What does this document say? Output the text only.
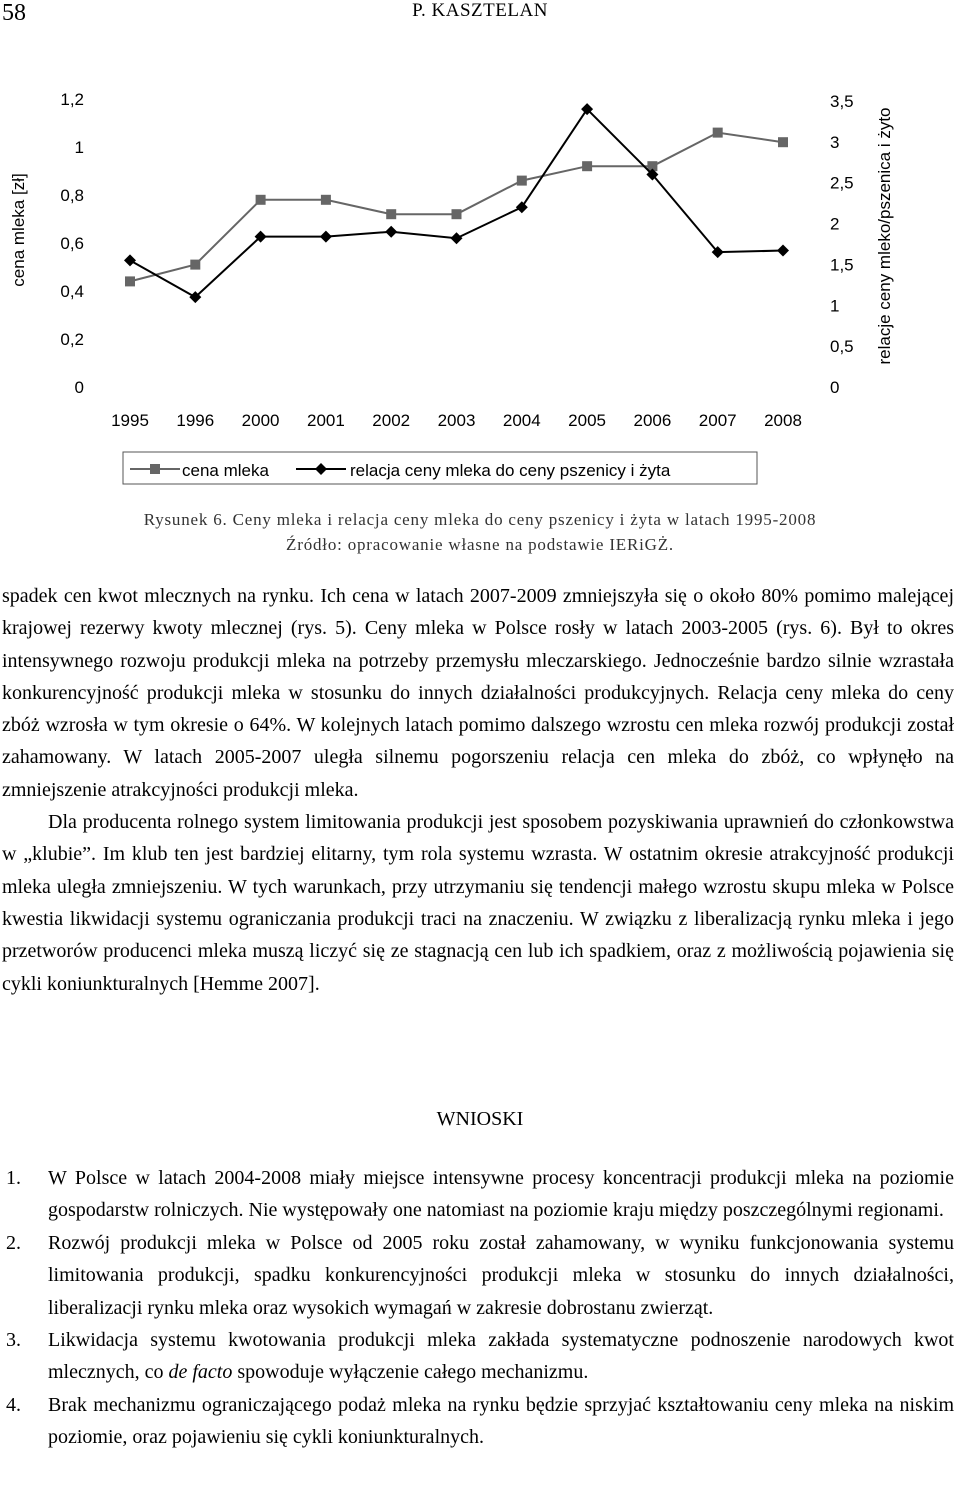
58	P. KASZTELAN
0
0,2
0,4
0,6
0,8
1
1,2
0
0,5
1
1,5
2
2,5
3
3,5
1995 1996 2000 2001 2002 2003 2004 2005 2006 2007 2008
cena mleka [zł]	relacje ceny mleko/pszenica i żyto
cena mleka	relacja ceny mleka do ceny pszenicy i żyta
Rysunek 6. Ceny mleka i relacja ceny mleka do ceny pszenicy i żyta w latach 1995-2008
Źródło: opracowanie własne na podstawie IERiGŻ.

spadek cen kwot mlecznych na rynku. Ich cena w latach 2007-2009 zmniejszyła się o około 80% pomimo malejącej krajowej rezerwy kwoty mlecznej (rys. 5). Ceny mleka w Polsce rosły w latach 2003-2005 (rys. 6). Był to okres intensywnego rozwoju produkcji mleka na potrzeby przemysłu mleczarskiego. Jednocześnie bardzo silnie wzrastała konkurencyjność produkcji mleka w stosunku do innych działalności produkcyjnych. Relacja ceny mleka do ceny zbóż wzrosła w tym okresie o 64%. W kolejnych latach pomimo dalszego wzrostu cen mleka rozwój produkcji został zahamowany. W latach 2005-2007 uległa silnemu pogorszeniu relacja cen mleka do zbóż, co wpłynęło na zmniejszenie atrakcyjności produkcji mleka.

Dla producenta rolnego system limitowania produkcji jest sposobem pozyskiwania uprawnień do członkowstwa w „klubie”. Im klub ten jest bardziej elitarny, tym rola systemu wzrasta. W ostatnim okresie atrakcyjność produkcji mleka uległa zmniejszeniu. W tych warunkach, przy utrzymaniu się tendencji małego wzrostu skupu mleka w Polsce kwestia likwidacji systemu ograniczania produkcji traci na znaczeniu. W związku z liberalizacją rynku mleka i jego przetworów producenci mleka muszą liczyć się ze stagnacją cen lub ich spadkiem, oraz z możliwością pojawienia się cykli koniunkturalnych [Hemme 2007].

WNIOSKI
1. W Polsce w latach 2004-2008 miały miejsce intensywne procesy koncentracji produkcji mleka na poziomie gospodarstw rolniczych. Nie występowały one natomiast na poziomie kraju między poszczególnymi regionami.
2. Rozwój produkcji mleka w Polsce od 2005 roku został zahamowany, w wyniku funkcjonowania systemu limitowania produkcji, spadku konkurencyjności produkcji mleka w stosunku do innych działalności, liberalizacji rynku mleka oraz wysokich wymagań w zakresie dobrostanu zwierząt.
3. Likwidacja systemu kwotowania produkcji mleka zakłada systematyczne podnoszenie narodowych kwot mlecznych, co de facto spowoduje wyłączenie całego mechanizmu.
4. Brak mechanizmu ograniczającego podaż mleka na rynku będzie sprzyjać kształtowaniu ceny mleka na niskim poziomie, oraz pojawieniu się cykli koniunkturalnych.
